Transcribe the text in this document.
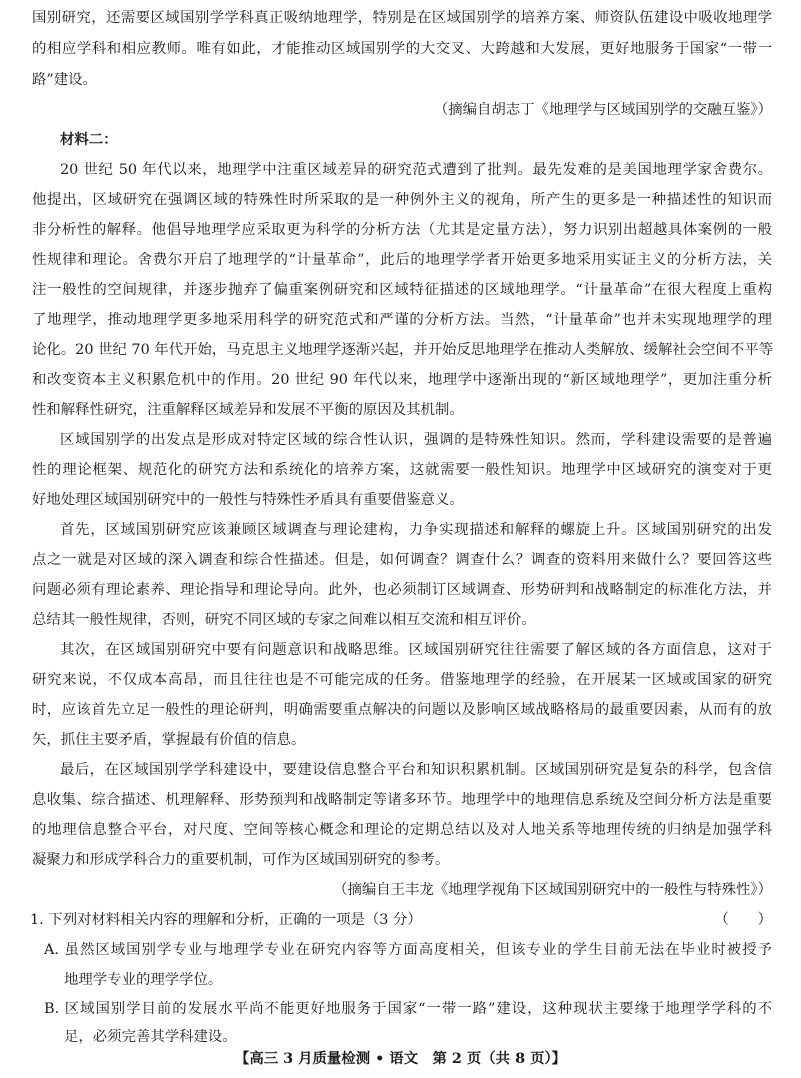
国别研究，还需要区域国别学学科真正吸纳地理学，特别是在区域国别学的培养方案、师资队伍建设中吸收地理学
的相应学科和相应教师。唯有如此，才能推动区域国别学的大交叉、大跨越和大发展，更好地服务于国家“一带一
路”建设。
（摘编自胡志丁《地理学与区域国别学的交融互鉴》）
材料二：
20 世纪 50 年代以来，地理学中注重区域差异的研究范式遭到了批判。最先发难的是美国地理学家舍费尔。
他提出，区域研究在强调区域的特殊性时所采取的是一种例外主义的视角，所产生的更多是一种描述性的知识而
非分析性的解释。他倡导地理学应采取更为科学的分析方法（尤其是定量方法），努力识别出超越具体案例的一般
性规律和理论。舍费尔开启了地理学的“计量革命”，此后的地理学学者开始更多地采用实证主义的分析方法，关
注一般性的空间规律，并逐步抛弃了偏重案例研究和区域特征描述的区域地理学。“计量革命”在很大程度上重构
了地理学，推动地理学更多地采用科学的研究范式和严谨的分析方法。当然，“计量革命”也并未实现地理学的理
论化。20 世纪 70 年代开始，马克思主义地理学逐渐兴起，并开始反思地理学在推动人类解放、缓解社会空间不平等
和改变资本主义积累危机中的作用。20 世纪 90 年代以来，地理学中逐渐出现的“新区域地理学”，更加注重分析
性和解释性研究，注重解释区域差异和发展不平衡的原因及其机制。
区域国别学的出发点是形成对特定区域的综合性认识，强调的是特殊性知识。然而，学科建设需要的是普遍
性的理论框架、规范化的研究方法和系统化的培养方案，这就需要一般性知识。地理学中区域研究的演变对于更
好地处理区域国别研究中的一般性与特殊性矛盾具有重要借鉴意义。
首先，区域国别研究应该兼顾区域调查与理论建构，力争实现描述和解释的螺旋上升。区域国别研究的出发
点之一就是对区域的深入调查和综合性描述。但是，如何调查？调查什么？调查的资料用来做什么？要回答这些
问题必须有理论素养、理论指导和理论导向。此外，也必须制订区域调查、形势研判和战略制定的标准化方法，并
总结其一般性规律，否则，研究不同区域的专家之间难以相互交流和相互评价。
其次，在区域国别研究中要有问题意识和战略思维。区域国别研究往往需要了解区域的各方面信息，这对于
研究来说，不仅成本高昂，而且往往也是不可能完成的任务。借鉴地理学的经验，在开展某一区域或国家的研究
时，应该首先立足一般性的理论研判，明确需要重点解决的问题以及影响区域战略格局的最重要因素，从而有的放
矢，抓住主要矛盾，掌握最有价值的信息。
最后，在区域国别学学科建设中，要建设信息整合平台和知识积累机制。区域国别研究是复杂的科学，包含信
息收集、综合描述、机理解释、形势预判和战略制定等诸多环节。地理学中的地理信息系统及空间分析方法是重要
的地理信息整合平台，对尺度、空间等核心概念和理论的定期总结以及对人地关系等地理传统的归纳是加强学科
凝聚力和形成学科合力的重要机制，可作为区域国别研究的参考。
（摘编自王丰龙《地理学视角下区域国别研究中的一般性与特殊性》）
1. 下列对材料相关内容的理解和分析，正确的一项是（3 分）	（　　）
A. 虽然区域国别学专业与地理学专业在研究内容等方面高度相关，但该专业的学生目前无法在毕业时被授予
地理学专业的理学学位。
B. 区域国别学目前的发展水平尚不能更好地服务于国家“一带一路”建设，这种现状主要缘于地理学学科的不
足，必须完善其学科建设。
【高三 3 月质量检测 • 语文　第 2 页（共 8 页）】
